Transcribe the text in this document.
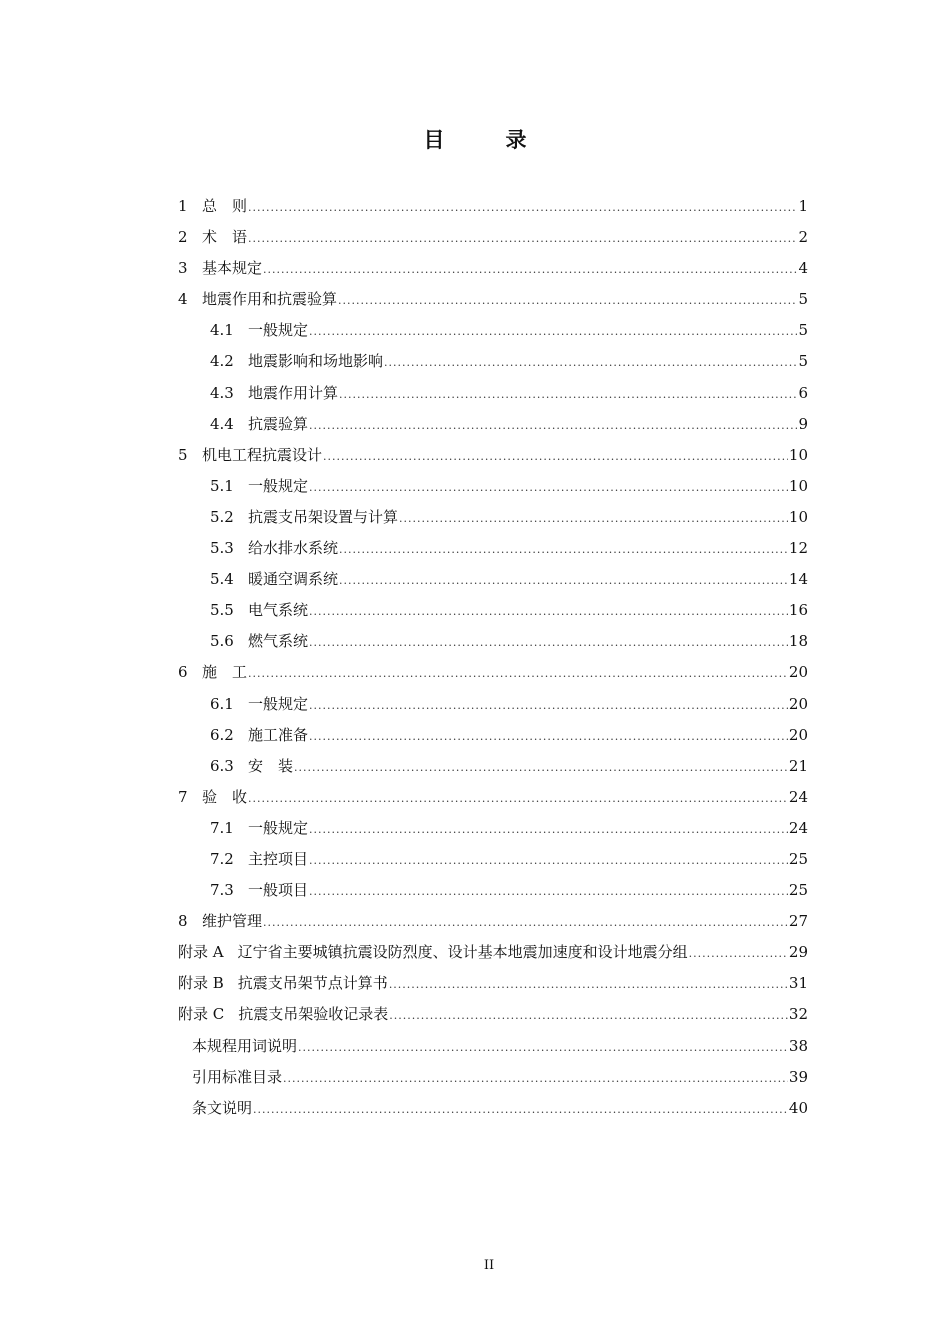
目　录
1 总　则 .....	1
2 术　语 .....	2
3 基本规定 .....	4
4 地震作用和抗震验算 .....	5
4.1 一般规定 .....	5
4.2 地震影响和场地影响 .....	5
4.3 地震作用计算 .....	6
4.4 抗震验算 .....	9
5 机电工程抗震设计 .....	10
5.1 一般规定 .....	10
5.2 抗震支吊架设置与计算 .....	10
5.3 给水排水系统 .....	12
5.4 暖通空调系统 .....	14
5.5 电气系统 .....	16
5.6 燃气系统 .....	18
6 施　工 .....	20
6.1 一般规定 .....	20
6.2 施工准备 .....	20
6.3 安　装 .....	21
7 验　收 .....	24
7.1 一般规定 .....	24
7.2 主控项目 .....	25
7.3 一般项目 .....	25
8 维护管理 .....	27
附录 A 辽宁省主要城镇抗震设防烈度、设计基本地震加速度和设计地震分组 .....	29
附录 B 抗震支吊架节点计算书 .....	31
附录 C 抗震支吊架验收记录表 .....	32
本规程用词说明 .....	38
引用标准目录 .....	39
条文说明 .....	40
II
